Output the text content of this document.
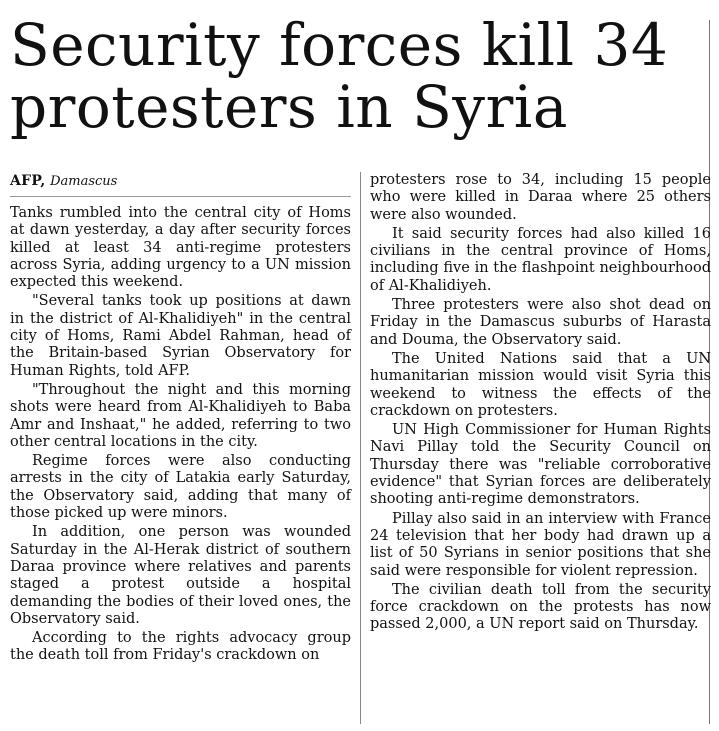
Security forces kill 34 protesters in Syria
AFP, Damascus

Tanks rumbled into the central city of Homs at dawn yesterday, a day after security forces killed at least 34 anti-regime protesters across Syria, adding urgency to a UN mission expected this weekend.

"Several tanks took up positions at dawn in the district of Al-Khalidiyeh" in the central city of Homs, Rami Abdel Rahman, head of the Britain-based Syrian Observatory for Human Rights, told AFP.

"Throughout the night and this morning shots were heard from Al-Khalidiyeh to Baba Amr and Inshaat," he added, referring to two other central locations in the city.

Regime forces were also conducting arrests in the city of Latakia early Saturday, the Observatory said, adding that many of those picked up were minors.

In addition, one person was wounded Saturday in the Al-Herak district of southern Daraa province where relatives and parents staged a protest outside a hospital demanding the bodies of their loved ones, the Observatory said.

According to the rights advocacy group the death toll from Friday's crackdown on

protesters rose to 34, including 15 people who were killed in Daraa where 25 others were also wounded.

It said security forces had also killed 16 civilians in the central province of Homs, including five in the flashpoint neighbourhood of Al-Khalidiyeh.

Three protesters were also shot dead on Friday in the Damascus suburbs of Harasta and Douma, the Observatory said.

The United Nations said that a UN humanitarian mission would visit Syria this weekend to witness the effects of the crackdown on protesters.

UN High Commissioner for Human Rights Navi Pillay told the Security Council on Thursday there was "reliable corroborative evidence" that Syrian forces are deliberately shooting anti-regime demonstrators.

Pillay also said in an interview with France 24 television that her body had drawn up a list of 50 Syrians in senior positions that she said were responsible for violent repression.

The civilian death toll from the security force crackdown on the protests has now passed 2,000, a UN report said on Thursday.
